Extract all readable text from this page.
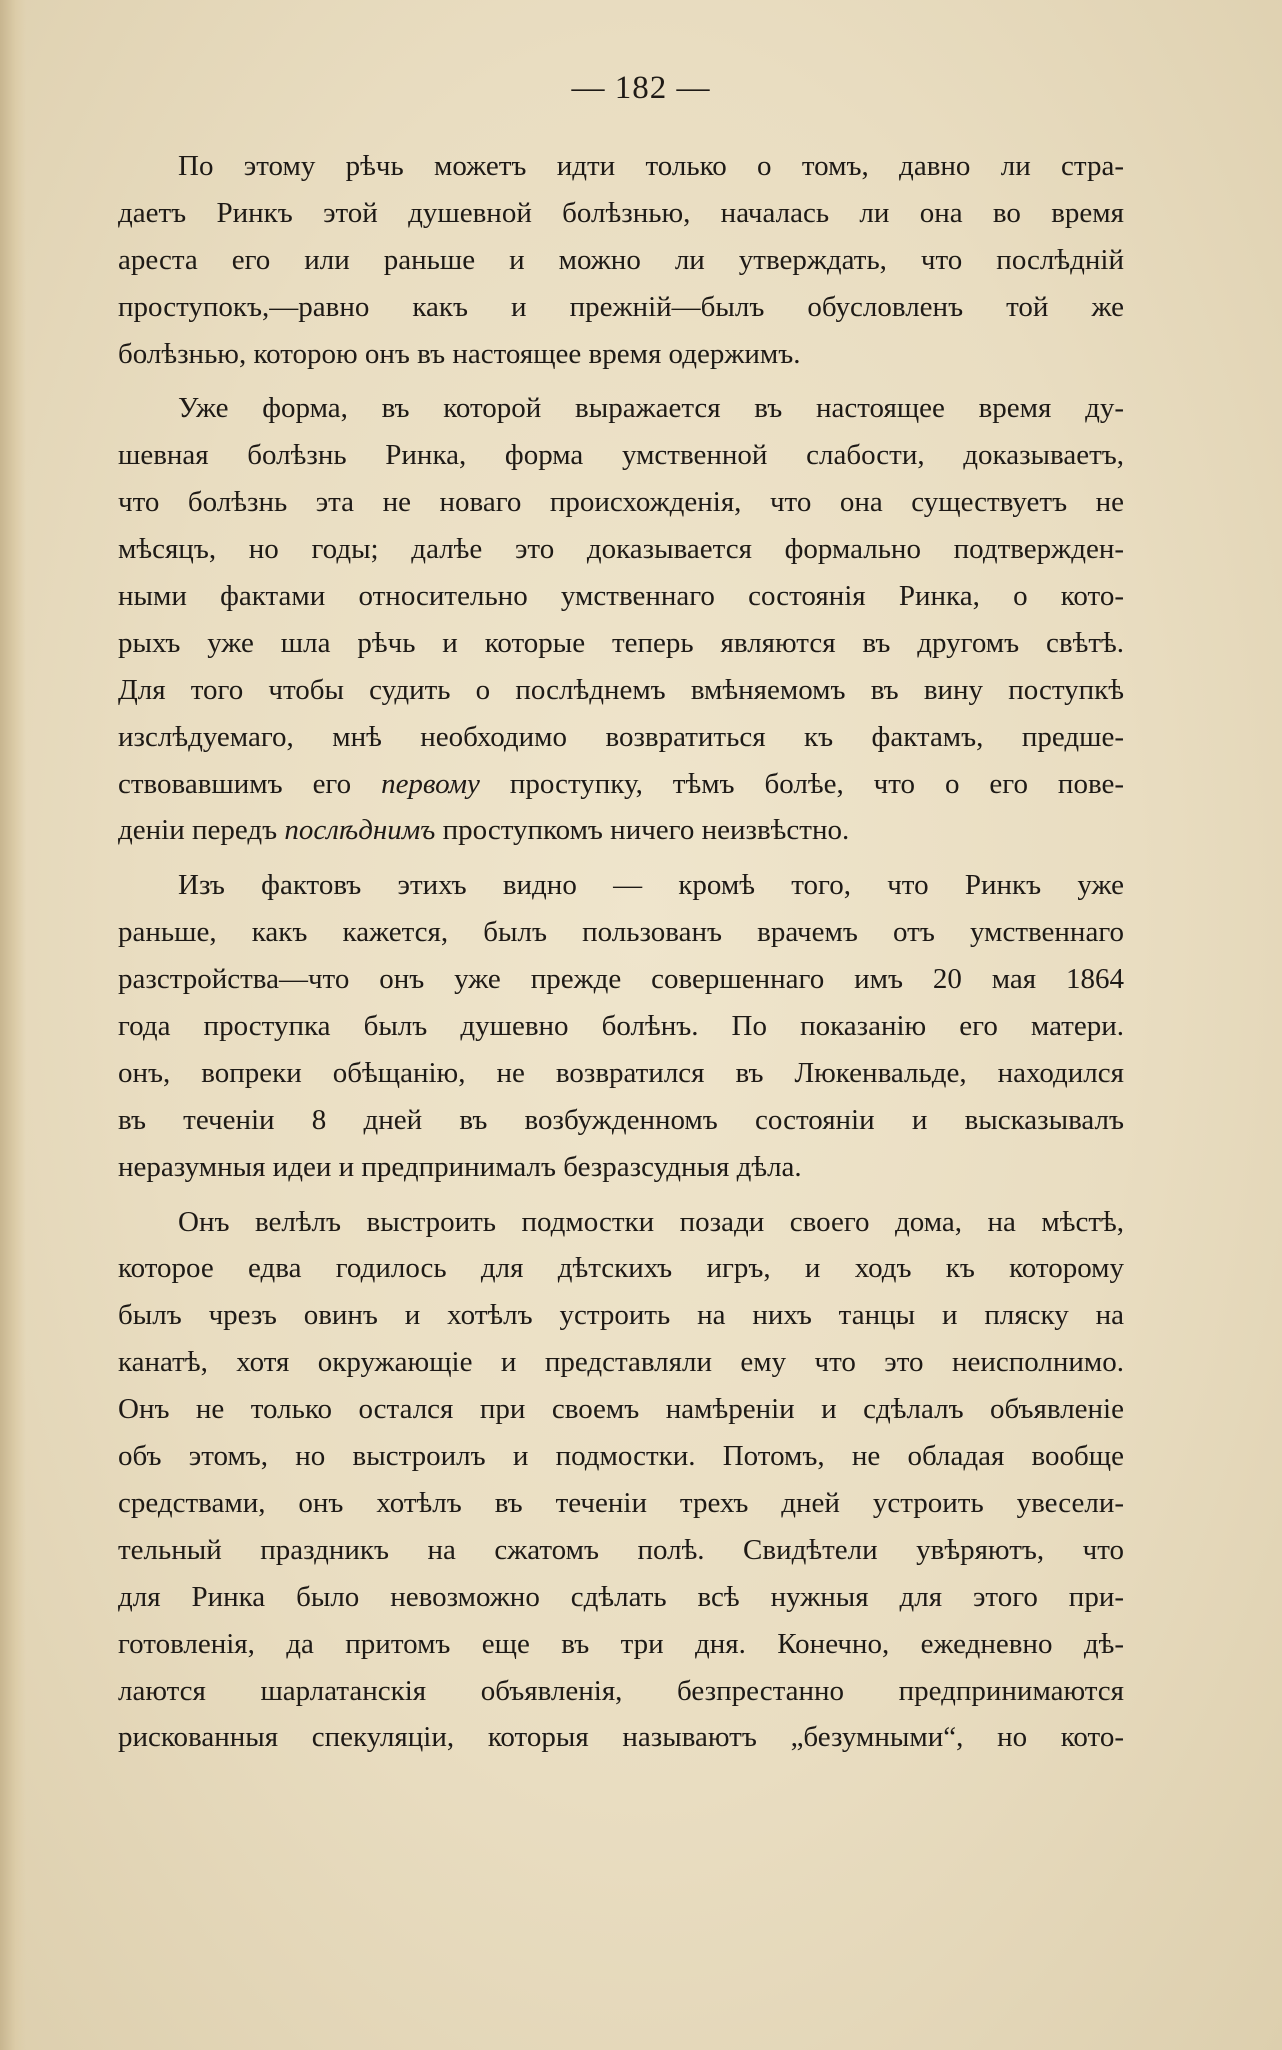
— 182 —
По этому рѣчь можетъ идти только о томъ, давно ли стра-
даетъ Ринкъ этой душевной болѣзнью, началась ли она во время
ареста его или раньше и можно ли утверждать, что послѣднiй
проступокъ,—равно какъ и прежнiй—былъ обусловленъ той же
болѣзнью, которою онъ въ настоящее время одержимъ.
Уже форма, въ которой выражается въ настоящее время ду-
шевная болѣзнь Ринка, форма умственной слабости, доказываетъ,
что болѣзнь эта не новаго происхожденiя, что она существуетъ не
мѣсяцъ, но годы; далѣе это доказывается формально подтвержден-
ными фактами относительно умственнаго состоянiя Ринка, о кото-
рыхъ уже шла рѣчь и которые теперь являются въ другомъ свѣтѣ.
Для того чтобы судить о послѣднемъ вмѣняемомъ въ вину поступкѣ
изслѣдуемаго, мнѣ необходимо возвратиться къ фактамъ, предше-
ствовавшимъ его первому проступку, тѣмъ болѣе, что о его пове-
денiи передъ послѣднимъ проступкомъ ничего неизвѣстно.
Изъ фактовъ этихъ видно — кромѣ того, что Ринкъ уже
раньше, какъ кажется, былъ пользованъ врачемъ отъ умственнаго
разстройства—что онъ уже прежде совершеннаго имъ 20 мая 1864
года проступка былъ душевно болѣнъ. По показанiю его матери.
онъ, вопреки обѣщанiю, не возвратился въ Люкенвальде, находился
въ теченiи 8 дней въ возбужденномъ состоянiи и высказывалъ
неразумныя идеи и предпринималъ безразсудныя дѣла.
Онъ велѣлъ выстроить подмостки позади своего дома, на мѣстѣ,
которое едва годилось для дѣтскихъ игръ, и ходъ къ которому
былъ чрезъ овинъ и хотѣлъ устроить на нихъ танцы и пляску на
канатѣ, хотя окружающiе и представляли ему что это неисполнимо.
Онъ не только остался при своемъ намѣренiи и сдѣлалъ объявленiе
объ этомъ, но выстроилъ и подмостки. Потомъ, не обладая вообще
средствами, онъ хотѣлъ въ теченiи трехъ дней устроить увесели-
тельный праздникъ на сжатомъ полѣ. Свидѣтели увѣряютъ, что
для Ринка было невозможно сдѣлать всѣ нужныя для этого при-
готовленiя, да притомъ еще въ три дня. Конечно, ежедневно дѣ-
лаются шарлатанскiя объявленiя, безпрестанно предпринимаются
рискованныя спекуляцiи, которыя называютъ „безумными“, но кото-
